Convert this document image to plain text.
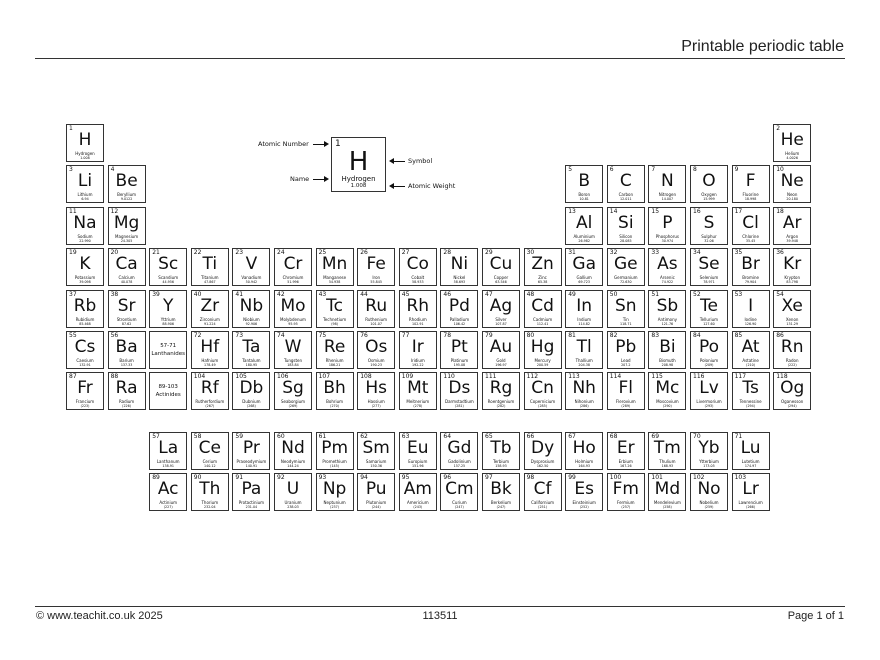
Printable periodic table
Atomic Number
Name
1
H
Hydrogen
1.008
Symbol
Atomic Weight
1
H
Hydrogen
1.008
2
He
Helium
4.0026
3
Li
Lithium
6.94
4
Be
Beryllium
9.0122
5
B
Boron
10.81
6
C
Carbon
12.011
7
N
Nitrogen
14.007
8
O
Oxygen
15.999
9
F
Fluorine
18.998
10
Ne
Neon
20.180
11
Na
Sodium
22.990
12
Mg
Magnesium
24.305
13
Al
Aluminium
26.982
14
Si
Silicon
28.085
15
P
Phosphorus
30.974
16
S
Sulphur
32.06
17
Cl
Chlorine
35.45
18
Ar
Argon
39.948
19
K
Potassium
39.098
20
Ca
Calcium
40.078
21
Sc
Scandium
44.956
22
Ti
Titanium
47.867
23
V
Vanadium
50.942
24
Cr
Chromium
51.996
25
Mn
Manganese
54.938
26
Fe
Iron
55.845
27
Co
Cobalt
58.933
28
Ni
Nickel
58.693
29
Cu
Copper
63.546
30
Zn
Zinc
65.38
31
Ga
Gallium
69.723
32
Ge
Germanium
72.630
33
As
Arsenic
74.922
34
Se
Selenium
78.971
35
Br
Bromine
79.904
36
Kr
Krypton
83.798
37
Rb
Rubidium
85.468
38
Sr
Strontium
87.62
39
Y
Yttrium
88.906
40
Zr
Zirconium
91.224
41
Nb
Niobium
92.906
42
Mo
Molybdenum
95.95
43
Tc
Technetium
(98)
44
Ru
Ruthenium
101.07
45
Rh
Rhodium
102.91
46
Pd
Palladium
106.42
47
Ag
Silver
107.87
48
Cd
Cadmium
112.41
49
In
Indium
114.82
50
Sn
Tin
118.71
51
Sb
Antimony
121.76
52
Te
Tellurium
127.60
53
I
Iodine
126.90
54
Xe
Xenon
131.29
55
Cs
Caesium
132.91
56
Ba
Barium
137.33
72
Hf
Hafnium
178.49
73
Ta
Tantalum
180.95
74
W
Tungsten
183.84
75
Re
Rhenium
186.21
76
Os
Osmium
190.23
77
Ir
Iridium
192.22
78
Pt
Platinum
195.08
79
Au
Gold
196.97
80
Hg
Mercury
200.59
81
Tl
Thallium
204.38
82
Pb
Lead
207.2
83
Bi
Bismuth
208.98
84
Po
Polonium
(209)
85
At
Astatine
(210)
86
Rn
Radon
(222)
87
Fr
Francium
(223)
88
Ra
Radium
(226)
104
Rf
Rutherfordium
(267)
105
Db
Dubnium
(268)
106
Sg
Seaborgium
(269)
107
Bh
Bohrium
(270)
108
Hs
Hassium
(277)
109
Mt
Meitnerium
(278)
110
Ds
Darmstadtium
(281)
111
Rg
Roentgenium
(282)
112
Cn
Copernicium
(285)
113
Nh
Nihonium
(286)
114
Fl
Flerovium
(289)
115
Mc
Moscovium
(290)
116
Lv
Livermorium
(293)
117
Ts
Tennessine
(294)
118
Og
Oganesson
(294)
57
La
Lanthanum
138.91
58
Ce
Cerium
140.12
59
Pr
Praseodymium
140.91
60
Nd
Neodymium
144.24
61
Pm
Promethium
(145)
62
Sm
Samarium
150.36
63
Eu
Europium
151.96
64
Gd
Gadolinium
157.25
65
Tb
Terbium
158.93
66
Dy
Dysprosium
162.50
67
Ho
Holmium
164.93
68
Er
Erbium
167.26
69
Tm
Thulium
168.93
70
Yb
Ytterbium
173.05
71
Lu
Lutetium
174.97
89
Ac
Actinium
(227)
90
Th
Thorium
232.04
91
Pa
Protactinium
231.04
92
U
Uranium
238.03
93
Np
Neptunium
(237)
94
Pu
Plutonium
(244)
95
Am
Americium
(243)
96
Cm
Curium
(247)
97
Bk
Berkelium
(247)
98
Cf
Californium
(251)
99
Es
Einsteinium
(252)
100
Fm
Fermium
(257)
101
Md
Mendelevium
(258)
102
No
Nobelium
(259)
103
Lr
Lawrencium
(266)
57-71 Lanthanides
89-103 Actinides
© www.teachit.co.uk 2025	113511	Page 1 of 1
